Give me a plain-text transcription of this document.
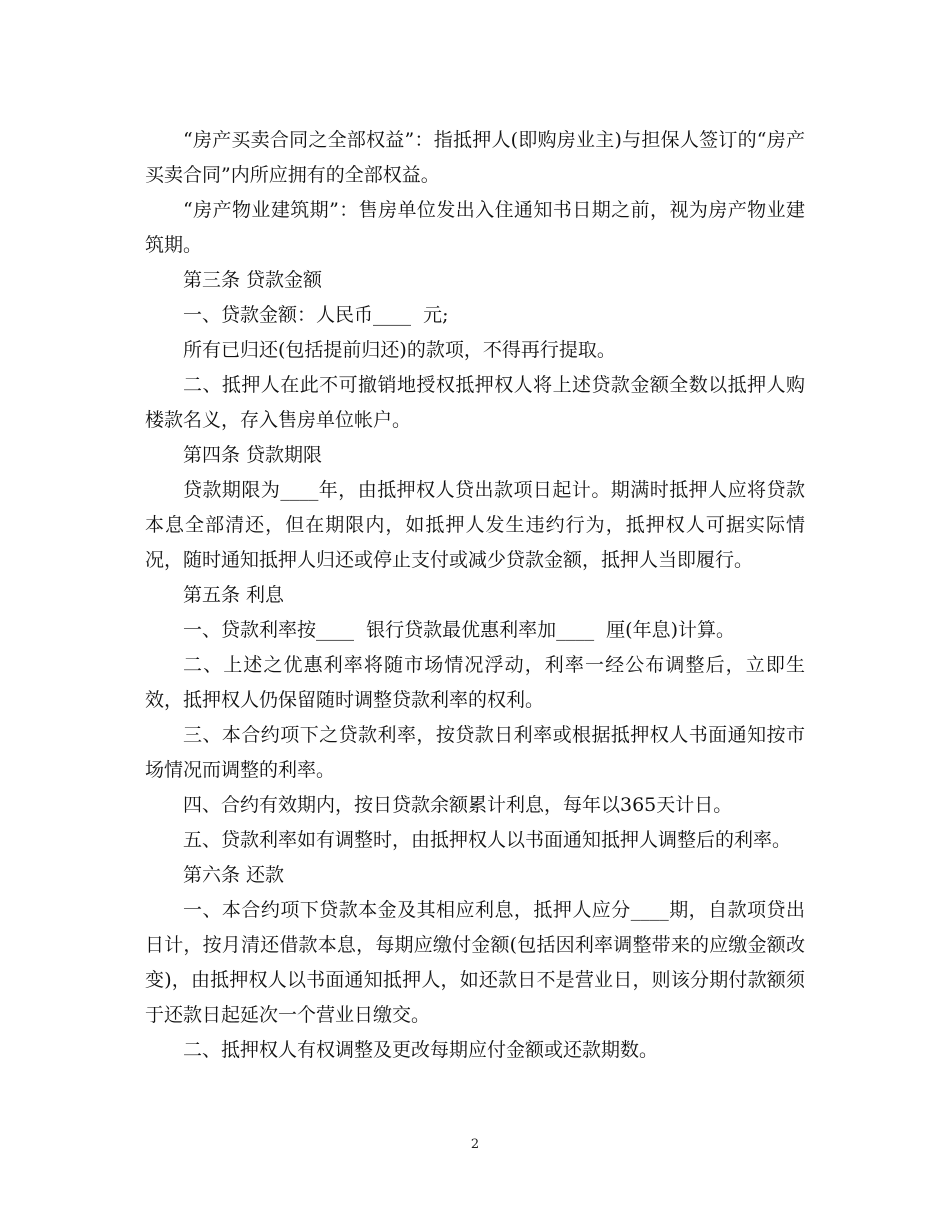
“房产买卖合同之全部权益”：指抵押人(即购房业主)与担保人签订的“房产买卖合同”内所应拥有的全部权益。

“房产物业建筑期”：售房单位发出入住通知书日期之前，视为房产物业建筑期。

第三条 贷款金额

一、贷款金额：人民币____  元;

所有已归还(包括提前归还)的款项，不得再行提取。

二、抵押人在此不可撤销地授权抵押权人将上述贷款金额全数以抵押人购楼款名义，存入售房单位帐户。

第四条 贷款期限

贷款期限为____年，由抵押权人贷出款项日起计。期满时抵押人应将贷款本息全部清还，但在期限内，如抵押人发生违约行为，抵押权人可据实际情况，随时通知抵押人归还或停止支付或减少贷款金额，抵押人当即履行。

第五条 利息

一、贷款利率按____  银行贷款最优惠利率加____  厘(年息)计算。

二、上述之优惠利率将随市场情况浮动，利率一经公布调整后，立即生效，抵押权人仍保留随时调整贷款利率的权利。

三、本合约项下之贷款利率，按贷款日利率或根据抵押权人书面通知按市场情况而调整的利率。

四、合约有效期内，按日贷款余额累计利息，每年以365天计日。

五、贷款利率如有调整时，由抵押权人以书面通知抵押人调整后的利率。

第六条 还款

一、本合约项下贷款本金及其相应利息，抵押人应分____期，自款项贷出日计，按月清还借款本息，每期应缴付金额(包括因利率调整带来的应缴金额改变)，由抵押权人以书面通知抵押人，如还款日不是营业日，则该分期付款额须于还款日起延次一个营业日缴交。

二、抵押权人有权调整及更改每期应付金额或还款期数。

2
